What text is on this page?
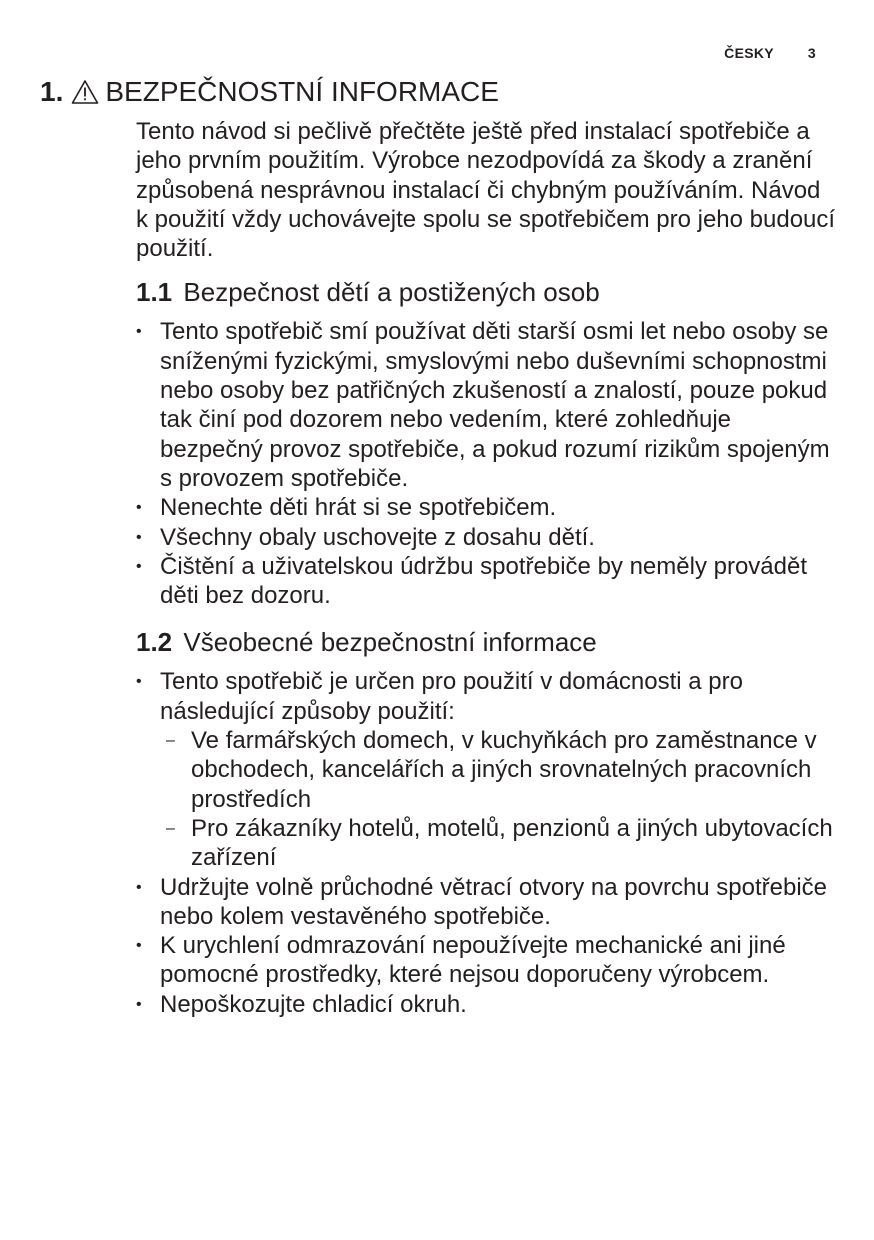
ČESKY 3
1. BEZPEČNOSTNÍ INFORMACE

Tento návod si pečlivě přečtěte ještě před instalací spotřebiče a jeho prvním použitím. Výrobce nezodpovídá za škody a zranění způsobená nesprávnou instalací či chybným používáním. Návod k použití vždy uchovávejte spolu se spotřebičem pro jeho budoucí použití.

1.1 Bezpečnost dětí a postižených osob
• Tento spotřebič smí používat děti starší osmi let nebo osoby se sníženými fyzickými, smyslovými nebo duševními schopnostmi nebo osoby bez patřičných zkušeností a znalostí, pouze pokud tak činí pod dozorem nebo vedením, které zohledňuje bezpečný provoz spotřebiče, a pokud rozumí rizikům spojeným s provozem spotřebiče.
• Nenechte děti hrát si se spotřebičem.
• Všechny obaly uschovejte z dosahu dětí.
• Čištění a uživatelskou údržbu spotřebiče by neměly provádět děti bez dozoru.
1.2 Všeobecné bezpečnostní informace
• Tento spotřebič je určen pro použití v domácnosti a pro následující způsoby použití:
– Ve farmářských domech, v kuchyňkách pro zaměstnance v obchodech, kancelářích a jiných srovnatelných pracovních prostředích
– Pro zákazníky hotelů, motelů, penzionů a jiných ubytovacích zařízení
• Udržujte volně průchodné větrací otvory na povrchu spotřebiče nebo kolem vestavěného spotřebiče.
• K urychlení odmrazování nepoužívejte mechanické ani jiné pomocné prostředky, které nejsou doporučeny výrobcem.
• Nepoškozujte chladicí okruh.
